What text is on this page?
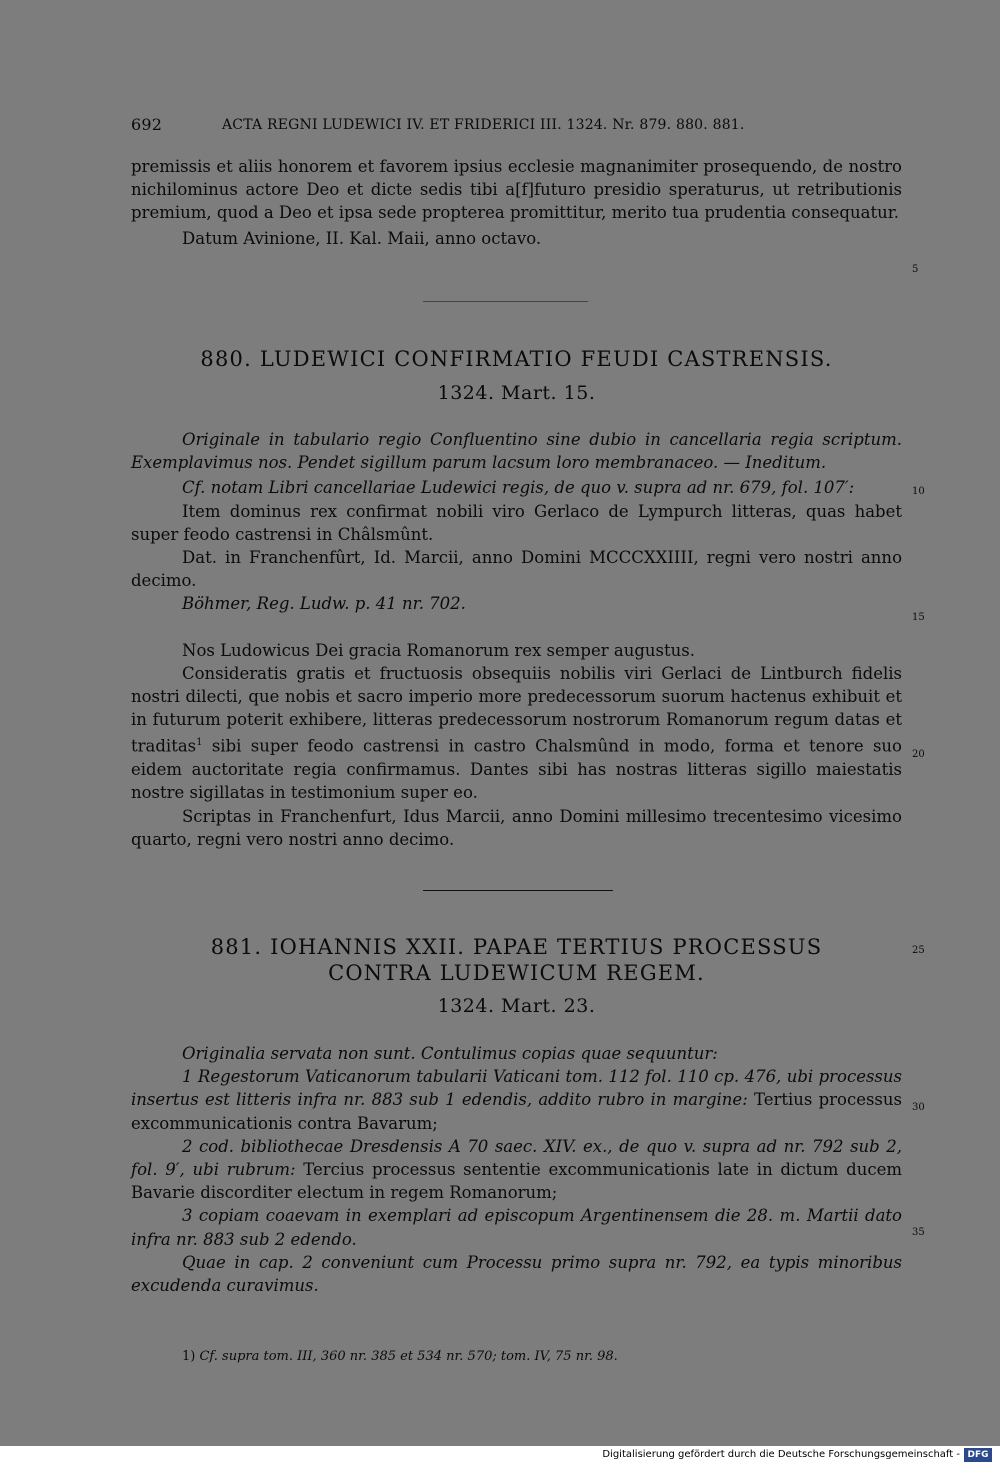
692	ACTA REGNI LUDEWICI IV. ET FRIDERICI III. 1324. Nr. 879. 880. 881.

premissis et aliis honorem et favorem ipsius ecclesie magnanimiter prosequendo, de nostro nichilominus actore Deo et dicte sedis tibi a[f]futuro presidio speraturus, ut retributionis premium, quod a Deo et ipsa sede propterea promittitur, merito tua prudentia consequatur.

Datum Avinione, II. Kal. Maii, anno octavo.

5
880. LUDEWICI CONFIRMATIO FEUDI CASTRENSIS.
1324. Mart. 15.

Originale in tabulario regio Confluentino sine dubio in cancellaria regia scriptum. Exemplavimus nos. Pendet sigillum parum lacsum loro membranaceo. — Ineditum.

Cf. notam Libri cancellariae Ludewici regis, de quo v. supra ad nr. 679, fol. 107′:

Item dominus rex confirmat nobili viro Gerlaco de Lympurch litteras, quas habet super feodo castrensi in Châlsmûnt.

Dat. in Franchenfûrt, Id. Marcii, anno Domini MCCCXXIIII, regni vero nostri anno decimo.

Böhmer, Reg. Ludw. p. 41 nr. 702.

Nos Ludowicus Dei gracia Romanorum rex semper augustus.

Consideratis gratis et fructuosis obsequiis nobilis viri Gerlaci de Lintburch fidelis nostri dilecti, que nobis et sacro imperio more predecessorum suorum hactenus exhibuit et in futurum poterit exhibere, litteras predecessorum nostrorum Romanorum regum datas et traditas$^1$ sibi super feodo castrensi in castro Chalsmûnd in modo, forma et tenore suo eidem auctoritate regia confirmamus. Dantes sibi has nostras litteras sigillo maiestatis nostre sigillatas in testimonium super eo.

Scriptas in Franchenfurt, Idus Marcii, anno Domini millesimo trecentesimo vicesimo quarto, regni vero nostri anno decimo.

10
15
20
881. IOHANNIS XXII. PAPAE TERTIUS PROCESSUS
CONTRA LUDEWICUM REGEM.
25
1324. Mart. 23.

Originalia servata non sunt. Contulimus copias quae sequuntur:

1 Regestorum Vaticanorum tabularii Vaticani tom. 112 fol. 110 cp. 476, ubi processus insertus est litteris infra nr. 883 sub 1 edendis, addito rubro in margine: Tertius processus excommunicationis contra Bavarum;

2 cod. bibliothecae Dresdensis A 70 saec. XIV. ex., de quo v. supra ad nr. 792 sub 2, fol. 9′, ubi rubrum: Tercius processus sententie excommunicationis late in dictum ducem Bavarie discorditer electum in regem Romanorum;

3 copiam coaevam in exemplari ad episcopum Argentinensem die 28. m. Martii dato infra nr. 883 sub 2 edendo.

Quae in cap. 2 conveniunt cum Processu primo supra nr. 792, ea typis minoribus excudenda curavimus.

30
35

1) Cf. supra tom. III, 360 nr. 385 et 534 nr. 570; tom. IV, 75 nr. 98.

Digitalisierung gefördert durch die Deutsche Forschungsgemeinschaft - DFG
